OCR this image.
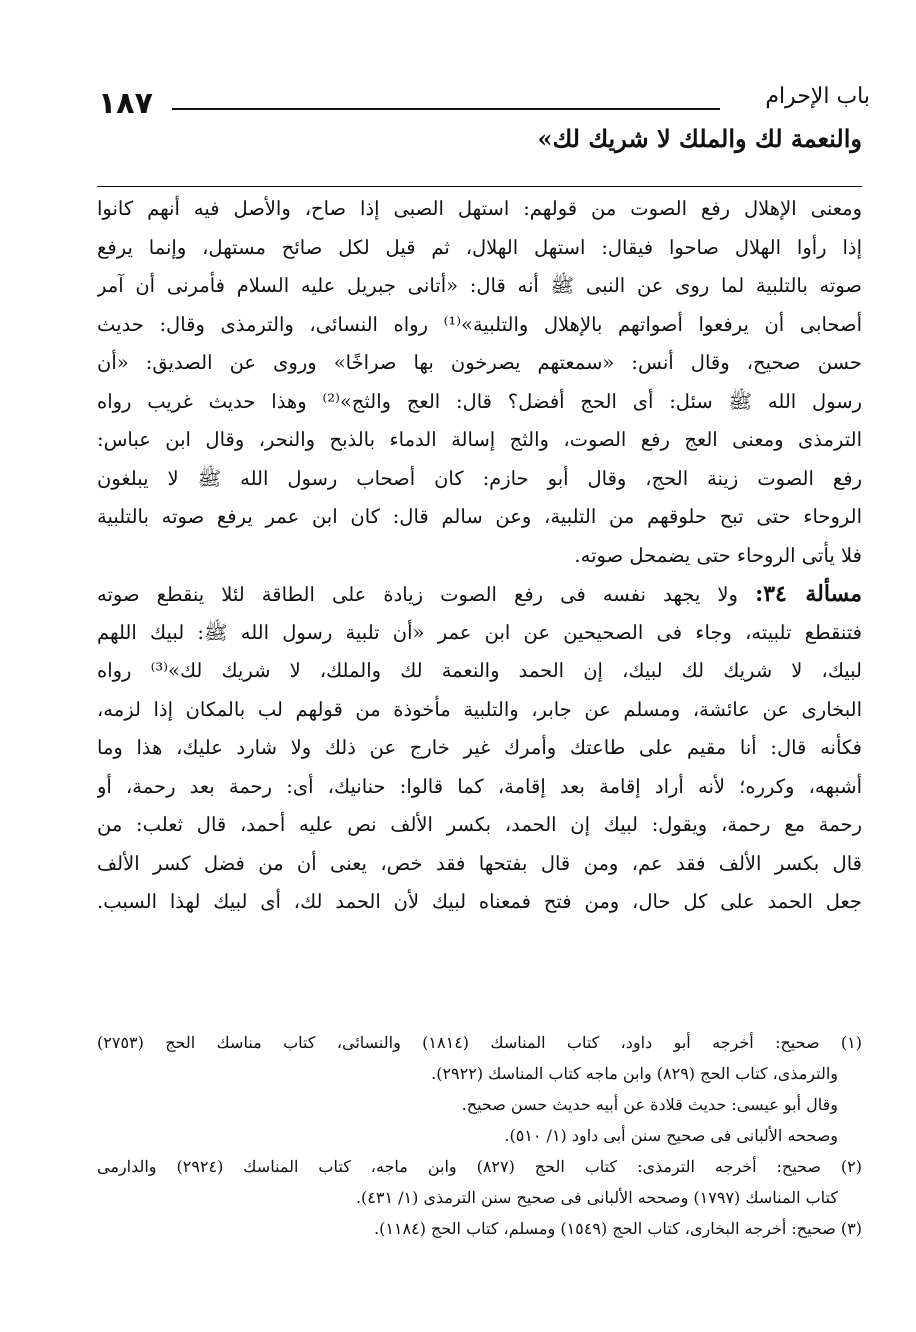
١٨٧	باب الإحرام
والنعمة لك والملك لا شريك لك»
ومعنى الإهلال رفع الصوت من قولهم: استهل الصبى إذا صاح، والأصل فيه أنهم كانوا
إذا رأوا الهلال صاحوا فيقال: استهل الهلال، ثم قيل لكل صائح مستهل، وإنما يرفع
صوته بالتلبية لما روى عن النبى ﷺ أنه قال: «أتانى جبريل عليه السلام فأمرنى أن آمر
أصحابى أن يرفعوا أصواتهم بالإهلال والتلبية»⁽¹⁾ رواه النسائى، والترمذى وقال: حديث
حسن صحيح، وقال أنس: «سمعتهم يصرخون بها صراخًا» وروى عن الصديق: «أن
رسول الله ﷺ سئل: أى الحج أفضل؟ قال: العج والثج»⁽²⁾ وهذا حديث غريب رواه
الترمذى ومعنى العج رفع الصوت، والثج إسالة الدماء بالذبح والنحر، وقال ابن عباس:
رفع الصوت زينة الحج، وقال أبو حازم: كان أصحاب رسول الله ﷺ لا يبلغون
الروحاء حتى تبح حلوقهم من التلبية، وعن سالم قال: كان ابن عمر يرفع صوته بالتلبية
فلا يأتى الروحاء حتى يضمحل صوته.
مسألة ٣٤: ولا يجهد نفسه فى رفع الصوت زيادة على الطاقة لئلا ينقطع صوته
فتنقطع تلبيته، وجاء فى الصحيحين عن ابن عمر «أن تلبية رسول الله ﷺ: لبيك اللهم
لبيك، لا شريك لك لبيك، إن الحمد والنعمة لك والملك، لا شريك لك»⁽³⁾ رواه
البخارى عن عائشة، ومسلم عن جابر، والتلبية مأخوذة من قولهم لب بالمكان إذا لزمه،
فكأنه قال: أنا مقيم على طاعتك وأمرك غير خارج عن ذلك ولا شارد عليك، هذا وما
أشبهه، وكرره؛ لأنه أراد إقامة بعد إقامة، كما قالوا: حنانيك، أى: رحمة بعد رحمة، أو
رحمة مع رحمة، ويقول: لبيك إن الحمد، بكسر الألف نص عليه أحمد، قال ثعلب: من
قال بكسر الألف فقد عم، ومن قال بفتحها فقد خص، يعنى أن من فضل كسر الألف
جعل الحمد على كل حال، ومن فتح فمعناه لبيك لأن الحمد لك، أى لبيك لهذا السبب.
(١) صحيح: أخرجه أبو داود، كتاب المناسك (١٨١٤) والنسائى، كتاب مناسك الحج (٢٧٥٣)
والترمذى، كتاب الحج (٨٢٩) وابن ماجه كتاب المناسك (٢٩٢٢).
وقال أبو عيسى: حديث قلادة عن أبيه حديث حسن صحيح.
وصححه الألبانى فى صحيح سنن أبى داود (١/ ٥١٠).
(٢) صحيح: أخرجه الترمذى: كتاب الحج (٨٢٧) وابن ماجه، كتاب المناسك (٢٩٢٤) والدارمى
كتاب المناسك (١٧٩٧) وصححه الألبانى فى صحيح سنن الترمذى (١/ ٤٣١).
(٣) صحيح: أخرجه البخارى، كتاب الحج (١٥٤٩) ومسلم، كتاب الحج (١١٨٤).
